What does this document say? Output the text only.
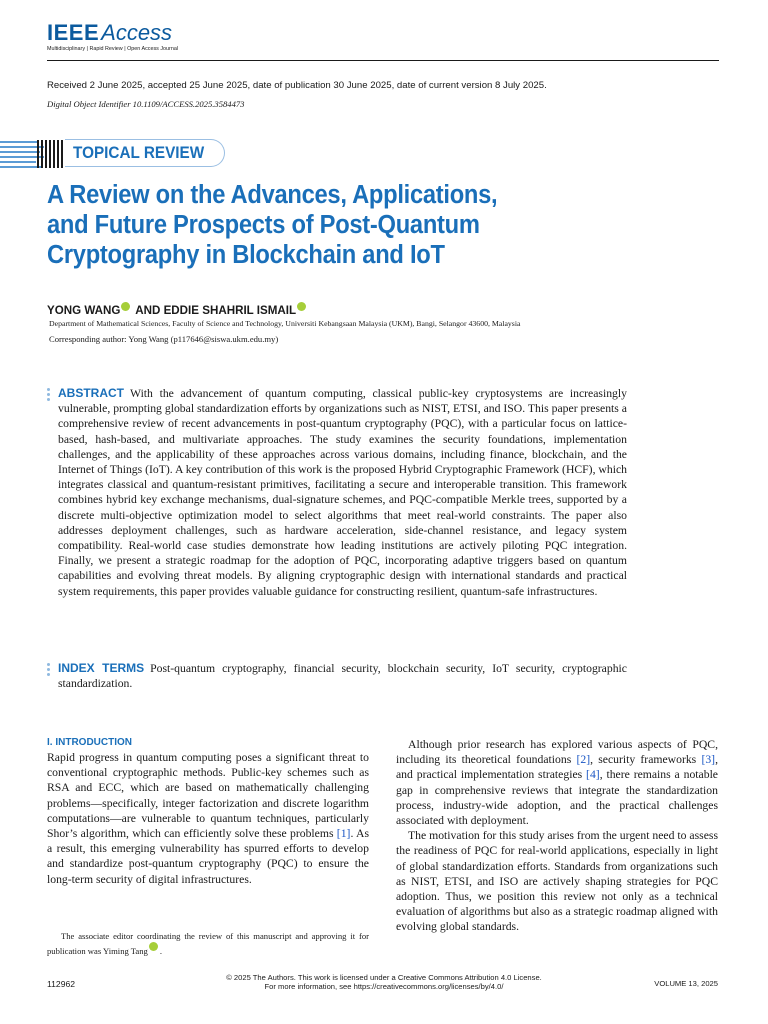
IEEEAccess
Multidisciplinary | Rapid Review | Open Access Journal
Received 2 June 2025, accepted 25 June 2025, date of publication 30 June 2025, date of current version 8 July 2025.
Digital Object Identifier 10.1109/ACCESS.2025.3584473
TOPICAL REVIEW
A Review on the Advances, Applications,
and Future Prospects of Post-Quantum
Cryptography in Blockchain and IoT
YONG WANG AND EDDIE SHAHRIL ISMAIL
Department of Mathematical Sciences, Faculty of Science and Technology, Universiti Kebangsaan Malaysia (UKM), Bangi, Selangor 43600, Malaysia
Corresponding author: Yong Wang (p117646@siswa.ukm.edu.my)
ABSTRACT With the advancement of quantum computing, classical public-key cryptosystems are increasingly vulnerable, prompting global standardization efforts by organizations such as NIST, ETSI, and ISO. This paper presents a comprehensive review of recent advancements in post-quantum cryptography (PQC), with a particular focus on lattice-based, hash-based, and multivariate approaches. The study examines the security foundations, implementation challenges, and the applicability of these approaches across various domains, including finance, blockchain, and the Internet of Things (IoT). A key contribution of this work is the proposed Hybrid Cryptographic Framework (HCF), which integrates classical and quantum-resistant primitives, facilitating a secure and interoperable transition. This framework combines hybrid key exchange mechanisms, dual-signature schemes, and PQC-compatible Merkle trees, supported by a discrete multi-objective optimization model to select algorithms that meet real-world constraints. The paper also addresses deployment challenges, such as hardware acceleration, side-channel resistance, and legacy system compatibility. Real-world case studies demonstrate how leading institutions are actively piloting PQC integration. Finally, we present a strategic roadmap for the adoption of PQC, incorporating adaptive triggers based on quantum capabilities and evolving threat models. By aligning cryptographic design with international standards and practical system requirements, this paper provides valuable guidance for constructing resilient, quantum-safe infrastructures.
INDEX TERMS Post-quantum cryptography, financial security, blockchain security, IoT security, cryptographic standardization.
I. INTRODUCTION

Rapid progress in quantum computing poses a significant threat to conventional cryptographic methods. Public-key schemes such as RSA and ECC, which are based on mathematically challenging problems—specifically, integer factorization and discrete logarithm computations—are vulnerable to quantum techniques, particularly Shor’s algorithm, which can efficiently solve these problems [1]. As a result, this emerging vulnerability has spurred efforts to develop and standardize post-quantum cryptography (PQC) to ensure the long-term security of digital infrastructures.

The associate editor coordinating the review of this manuscript and approving it for publication was Yiming Tang .

Although prior research has explored various aspects of PQC, including its theoretical foundations [2], security frameworks [3], and practical implementation strategies [4], there remains a notable gap in comprehensive reviews that integrate the standardization process, industry-wide adoption, and the practical challenges associated with deployment.

The motivation for this study arises from the urgent need to assess the readiness of PQC for real-world applications, especially in light of global standardization efforts. Standards from organizations such as NIST, ETSI, and ISO are actively shaping strategies for PQC adoption. Thus, we position this review not only as a technical evaluation of algorithms but also as a strategic roadmap aligned with evolving global standards.

© 2025 The Authors. This work is licensed under a Creative Commons Attribution 4.0 License.
For more information, see https://creativecommons.org/licenses/by/4.0/
112962	VOLUME 13, 2025
